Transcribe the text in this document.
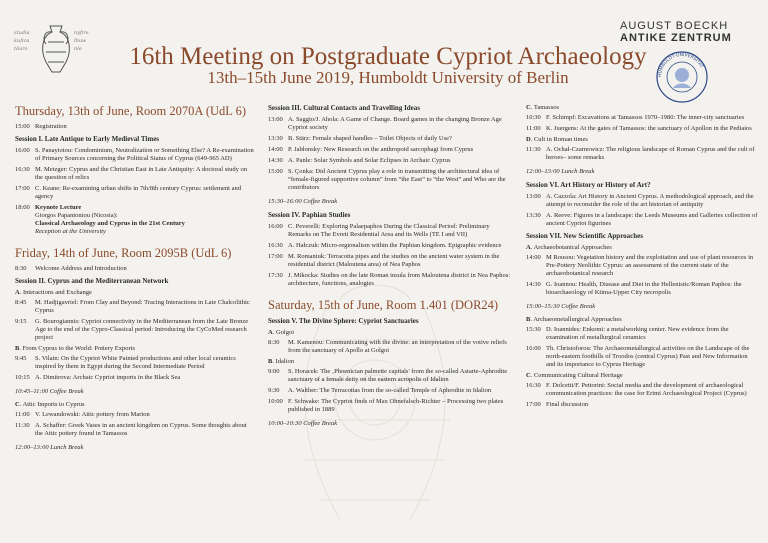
studia
kufica
tāuro
nyfire
lhuw
nle	16th Meeting on Postgraduate Cypriot Archaeology
13th–15th June 2019, Humboldt University of Berlin
AUGUST BOECKH
ANTIKE ZENTRUM
HUMBOLDT-UNIVERSITÄT
Thursday, 13th of June, Room 2070A (UdL 6)
15:00 Registration
Session I. Late Antique to Early Medieval Times
16:00 S. Panayiotou: Condominium, Neutralization or Something Else? A Re-examination of Primary Sources concerning the Political Status of Cyprus (649-965 AD)
16:30 M. Metzger: Cyprus and the Christian East in Late Antiquity: A doctoral study on the question of relics
17:00 C. Keane: Re-examining urban shifts in 7th/8th century Cyprus: settlement and agency
18:00 Keynote Lecture
Giorgos Papantoniou (Nicosia):
Classical Archaeology and Cyprus in the 21st Century
Reception at the University
Friday, 14th of June, Room 2095B (UdL 6)
8:30	Welcome Address and Introduction
Session II. Cyprus and the Mediterranean Network
A. Interactions and Exchange
8:45	M. Hadjigavriel: From Clay and Beyond: Tracing Interactions in Late Chalcolithic Cyprus
9:15	G. Bourogiannis: Cypriot connectivity in the Mediterranean from the Late Bronze Age to the end of the Cypro-Classical period: Introducing the CyCoMed research project
B. From Cyprus to the World: Pottery Exports
9:45	S. Vilain: On the Cypriot White Painted productions and other local ceramics inspired by them in Egypt during the Second Intermediate Period
10:15 A. Dimitrova: Archaic Cypriot imports in the Black Sea
10:45–11:00 Coffee Break
C. Attic Imports to Cyprus
11:00 V. Lewandowski: Attic pottery from Marion
11:30 A. Schaffer: Greek Vases in an ancient kingdom on Cyprus. Some thoughts about the Attic pottery found in Tamassos
12:00–13:00 Lunch Break
Session III. Cultural Contacts and Travelling Ideas
13:00 A. Saggio/J. Ahola: A Game of Change. Board games in the changing Bronze Age Cypriot society
13:30 B. Stärz: Female shaped handles – Toilet Objects of daily Use?
14:00 P. Jabłonsky: New Research on the anthropoid sarcophagi from Cyprus
14:30 A. Panle: Solar Symbols and Solar Eclipses in Archaic Cyprus
15:00 S. Çonka: Did Ancient Cyprus play a role in transmitting the architectural idea of “female-figured supportive column” from “the East” to “the West” and Who are the contributors
15:30–16:00 Coffee Break
Session IV. Paphian Studies
16:00 C. Peverelli: Exploring Palaepaphos During the Classical Period: Preliminary Remarks on The Evreti Residential Area and its Wells (TE I and VII)
16:30 A. Hałczuk: Micro-regionalism within the Paphian kingdom. Epigraphic evidence
17:00 M. Romaniuk: Terracotta pipes and the studies on the ancient water system in the residential district (Maloutena area) of Nea Paphos
17:30 J. Mikocka: Studies on the late Roman insula from Maloutena district in Nea Paphos: architecture, functions, analogies
Saturday, 15th of June, Room 1.401 (DOR24)
Session V. The Divine Sphere: Cypriot Sanctuaries
A. Golgoi
8:30	M. Kamenou: Communicating with the divine: an interpretation of the votive reliefs from the sanctuary of Apollo at Golgoi
B. Idalion
9:00	S. Horacek: The ‚Phoenician palmette capitals' from the so-called Astarte-Aphrodite sanctuary of a female deity on the eastern acropolis of Idalion
9:30	A. Walther: The Terracottas from the so-called Temple of Aphrodite in Idalion
10:00 F. Schwake: The Cypriot finds of Max Ohnefalsch-Richter – Processing two plates published in 1889
10:00–10:30 Coffee Break
C. Tamassos
10:30 F. Schimpf: Excavations at Tamassos 1970–1980: The inner-city sanctuaries
11:00 K. Juergens: At the gates of Tamassos: the sanctuary of Apollon in the Pediaios
D. Cult in Roman times
11:30 A. Ochał-Czarnowicz: The religious landscape of Roman Cyprus and the cult of heroes– some remarks
12:00–13:00 Lunch Break
Session VI. Art History or History of Art?
13:00 A. Cazzola: Art History in Ancient Cyprus. A methodological approach, and the attempt to reconsider the role of the art historian of antiquity
13:30 A. Reeve: Figures in a landscape: the Leeds Museums and Galleries collection of ancient Cypriot figurines
Session VII. New Scientific Approaches
A. Archaeobotanical Approaches
14:00 M Rousou: Vegetation history and the exploitation and use of plant resources in Pre-Pottery Neolithic Cyprus: an assessment of the current state of the archaeobotanical research
14:30 G. Ioannou: Health, Disease and Diet in the Hellenistic/Roman Paphos: the bioarchaeology of Ktima-Upper City necropolis
15:00–15:30 Coffee Break
B. Archaeometallurgical Approaches
15:30 D. Ioannides: Enkomi: a metalworking center. New evidence from the examination of metallurgical ceramics
16:00 Th. Christoforou: The Archaeometallurgical activities on the Landscape of the north-eastern foothills of Troodos (central Cyprus) Past and New Information and its importance to Cyprus Heritage
C. Communicating Cultural Heritage
16:30 F. Dolcetti/F. Pettorini: Social media and the development of archaeological communication practices: the case for Erimi Archaeological Project (Cyprus)
17:00 Final discussion
